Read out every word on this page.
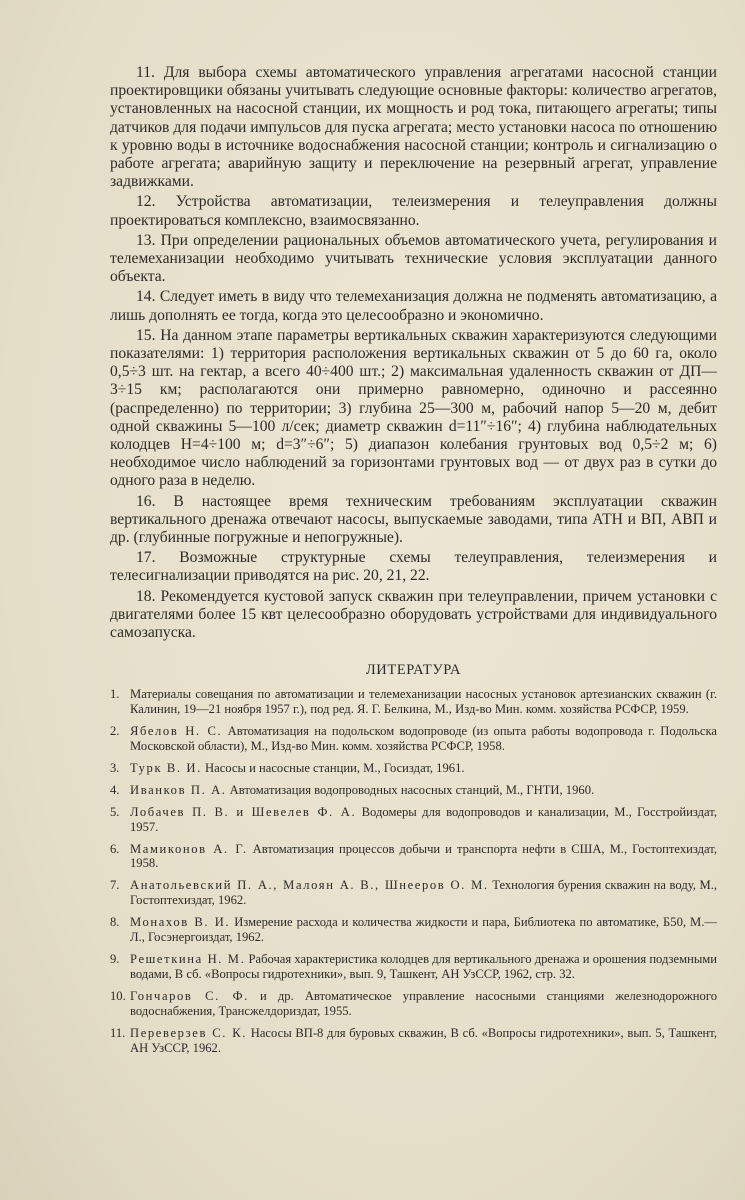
11. Для выбора схемы автоматического управления агрегатами насосной станции проектировщики обязаны учитывать следующие основные факторы: количество агрегатов, установленных на насосной станции, их мощность и род тока, питающего агрегаты; типы датчиков для подачи импульсов для пуска агрегата; место установки насоса по отношению к уровню воды в источнике водоснабжения насосной станции; контроль и сигнализацию о работе агрегата; аварийную защиту и переключение на резервный агрегат, управление задвижками.

12. Устройства автоматизации, телеизмерения и телеуправления должны проектироваться комплексно, взаимосвязанно.

13. При определении рациональных объемов автоматического учета, регулирования и телемеханизации необходимо учитывать технические условия эксплуатации данного объекта.

14. Следует иметь в виду что телемеханизация должна не подменять автоматизацию, а лишь дополнять ее тогда, когда это целесообразно и экономично.

15. На данном этапе параметры вертикальных скважин характеризуются следующими показателями: 1) территория расположения вертикальных скважин от 5 до 60 га, около 0,5÷3 шт. на гектар, а всего 40÷400 шт.; 2) максимальная удаленность скважин от ДП—3÷15 км; располагаются они примерно равномерно, одиночно и рассеянно (распределенно) по территории; 3) глубина 25—300 м, рабочий напор 5—20 м, дебит одной скважины 5—100 л/сек; диаметр скважин d=11″÷16″; 4) глубина наблюдательных колодцев H=4÷100 м; d=3″÷6″; 5) диапазон колебания грунтовых вод 0,5÷2 м; 6) необходимое число наблюдений за горизонтами грунтовых вод — от двух раз в сутки до одного раза в неделю.

16. В настоящее время техническим требованиям эксплуатации скважин вертикального дренажа отвечают насосы, выпускаемые заводами, типа АТН и ВП, АВП и др. (глубинные погружные и непогружные).

17. Возможные структурные схемы телеуправления, телеизмерения и телесигнализации приводятся на рис. 20, 21, 22.

18. Рекомендуется кустовой запуск скважин при телеуправлении, причем установки с двигателями более 15 квт целесообразно оборудовать устройствами для индивидуального самозапуска.

ЛИТЕРАТУРА
1. Материалы совещания по автоматизации и телемеханизации насосных установок артезианских скважин (г. Калинин, 19—21 ноября 1957 г.), под ред. Я. Г. Белкина, М., Изд-во Мин. комм. хозяйства РСФСР, 1959.
2. Ябелов Н. С. Автоматизация на подольском водопроводе (из опыта работы водопровода г. Подольска Московской области), М., Изд-во Мин. комм. хозяйства РСФСР, 1958.
3. Турк В. И. Насосы и насосные станции, М., Госиздат, 1961.
4. Иванков П. А. Автоматизация водопроводных насосных станций, М., ГНТИ, 1960.
5. Лобачев П. В. и Шевелев Ф. А. Водомеры для водопроводов и канализации, М., Госстройиздат, 1957.
6. Мамиконов А. Г. Автоматизация процессов добычи и транспорта нефти в США, М., Гостоптехиздат, 1958.
7. Анатольевский П. А., Малоян А. В., Шнееров О. М. Технология бурения скважин на воду, М., Гостоптехиздат, 1962.
8. Монахов В. И. Измерение расхода и количества жидкости и пара, Библиотека по автоматике, Б50, М.— Л., Госэнергоиздат, 1962.
9. Решеткина Н. М. Рабочая характеристика колодцев для вертикального дренажа и орошения подземными водами, В сб. «Вопросы гидротехники», вып. 9, Ташкент, АН УзССР, 1962, стр. 32.
10. Гончаров С. Ф. и др. Автоматическое управление насосными станциями железнодорожного водоснабжения, Трансжелдориздат, 1955.
11. Переверзев С. К. Насосы ВП-8 для буровых скважин, В сб. «Вопросы гидротехники», вып. 5, Ташкент, АН УзССР, 1962.
